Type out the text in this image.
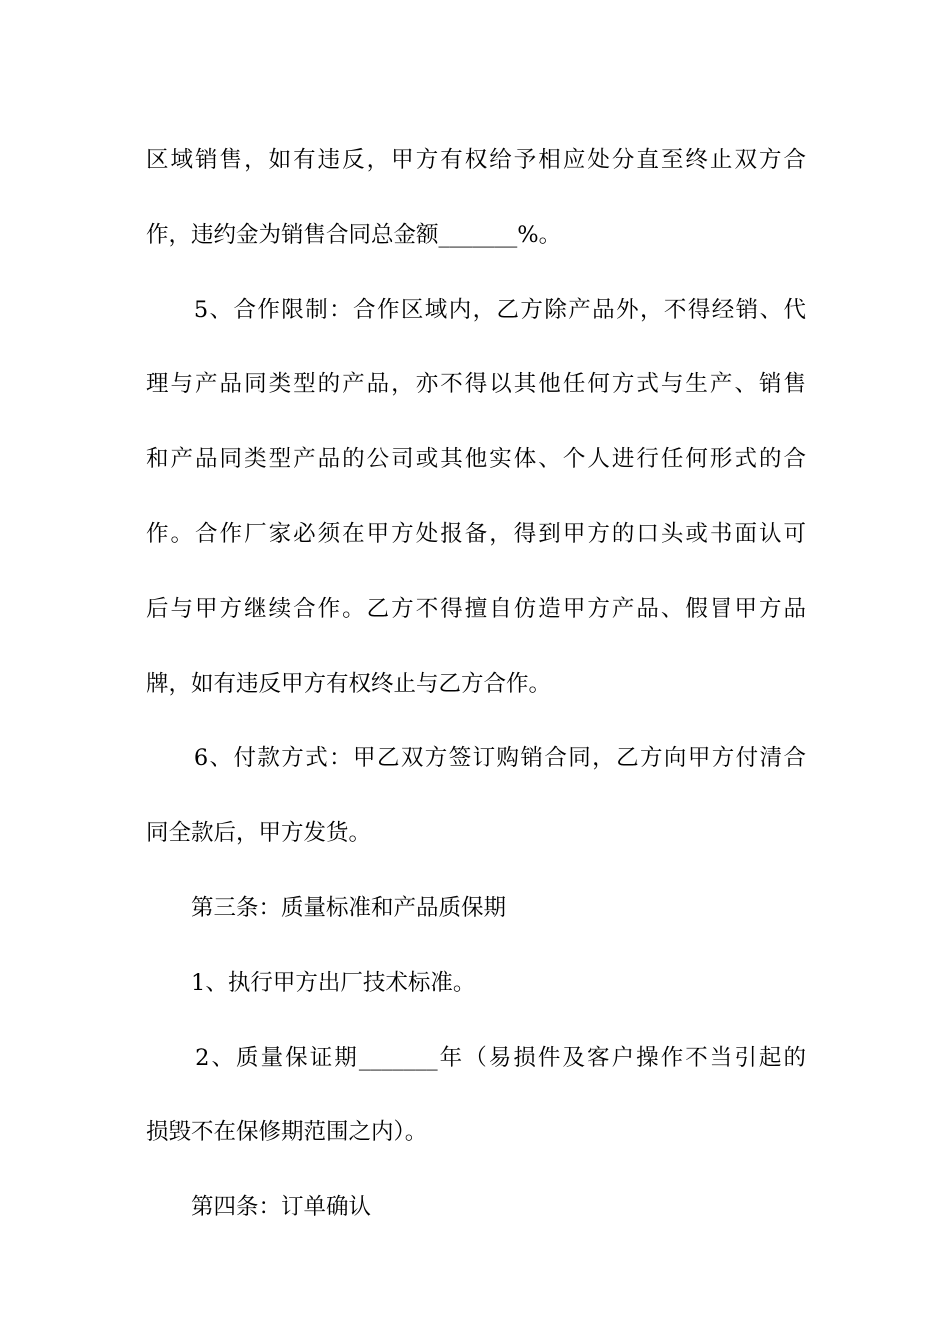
区域销售，如有违反，甲方有权给予相应处分直至终止双方合
作，违约金为销售合同总金额_______%。
　　5、合作限制：合作区域内，乙方除产品外，不得经销、代
理与产品同类型的产品，亦不得以其他任何方式与生产、销售
和产品同类型产品的公司或其他实体、个人进行任何形式的合
作。合作厂家必须在甲方处报备，得到甲方的口头或书面认可
后与甲方继续合作。乙方不得擅自仿造甲方产品、假冒甲方品
牌，如有违反甲方有权终止与乙方合作。
　　6、付款方式：甲乙双方签订购销合同，乙方向甲方付清合
同全款后，甲方发货。
　　第三条：质量标准和产品质保期
　　1、执行甲方出厂技术标准。
　　2、质量保证期_______年（易损件及客户操作不当引起的
损毁不在保修期范围之内）。
　　第四条：订单确认
